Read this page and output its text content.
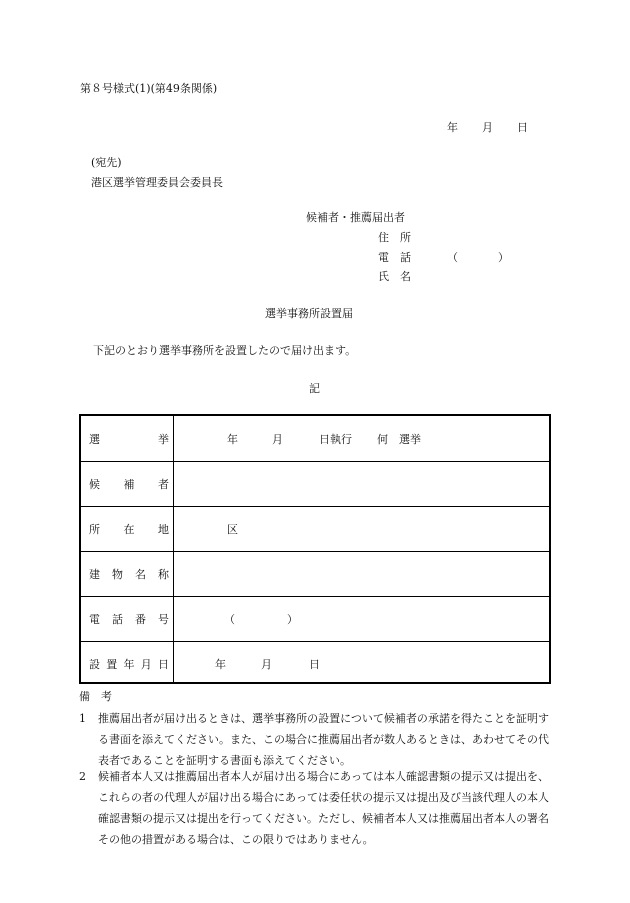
第８号様式(1)(第49条関係)
年 月 日
(宛先)
港区選挙管理委員会委員長
候補者・推薦届出者
住　所
電　話	（	）
氏　名
選挙事務所設置届
下記のとおり選挙事務所を設置したので届け出ます。
記
選	挙	年	月	日執行 何　選挙
候 補 者
所 在 地	区
建 物 名 称
電 話 番 号	（	）
設 置 年 月 日	年	月	日
備　考
1 推薦届出者が届け出るときは、選挙事務所の設置について候補者の承諾を得たことを証明する書面を添えてください。また、この場合に推薦届出者が数人あるときは、あわせてその代表者であることを証明する書面も添えてください。
2 候補者本人又は推薦届出者本人が届け出る場合にあっては本人確認書類の提示又は提出を、これらの者の代理人が届け出る場合にあっては委任状の提示又は提出及び当該代理人の本人確認書類の提示又は提出を行ってください。ただし、候補者本人又は推薦届出者本人の署名その他の措置がある場合は、この限りではありません。
